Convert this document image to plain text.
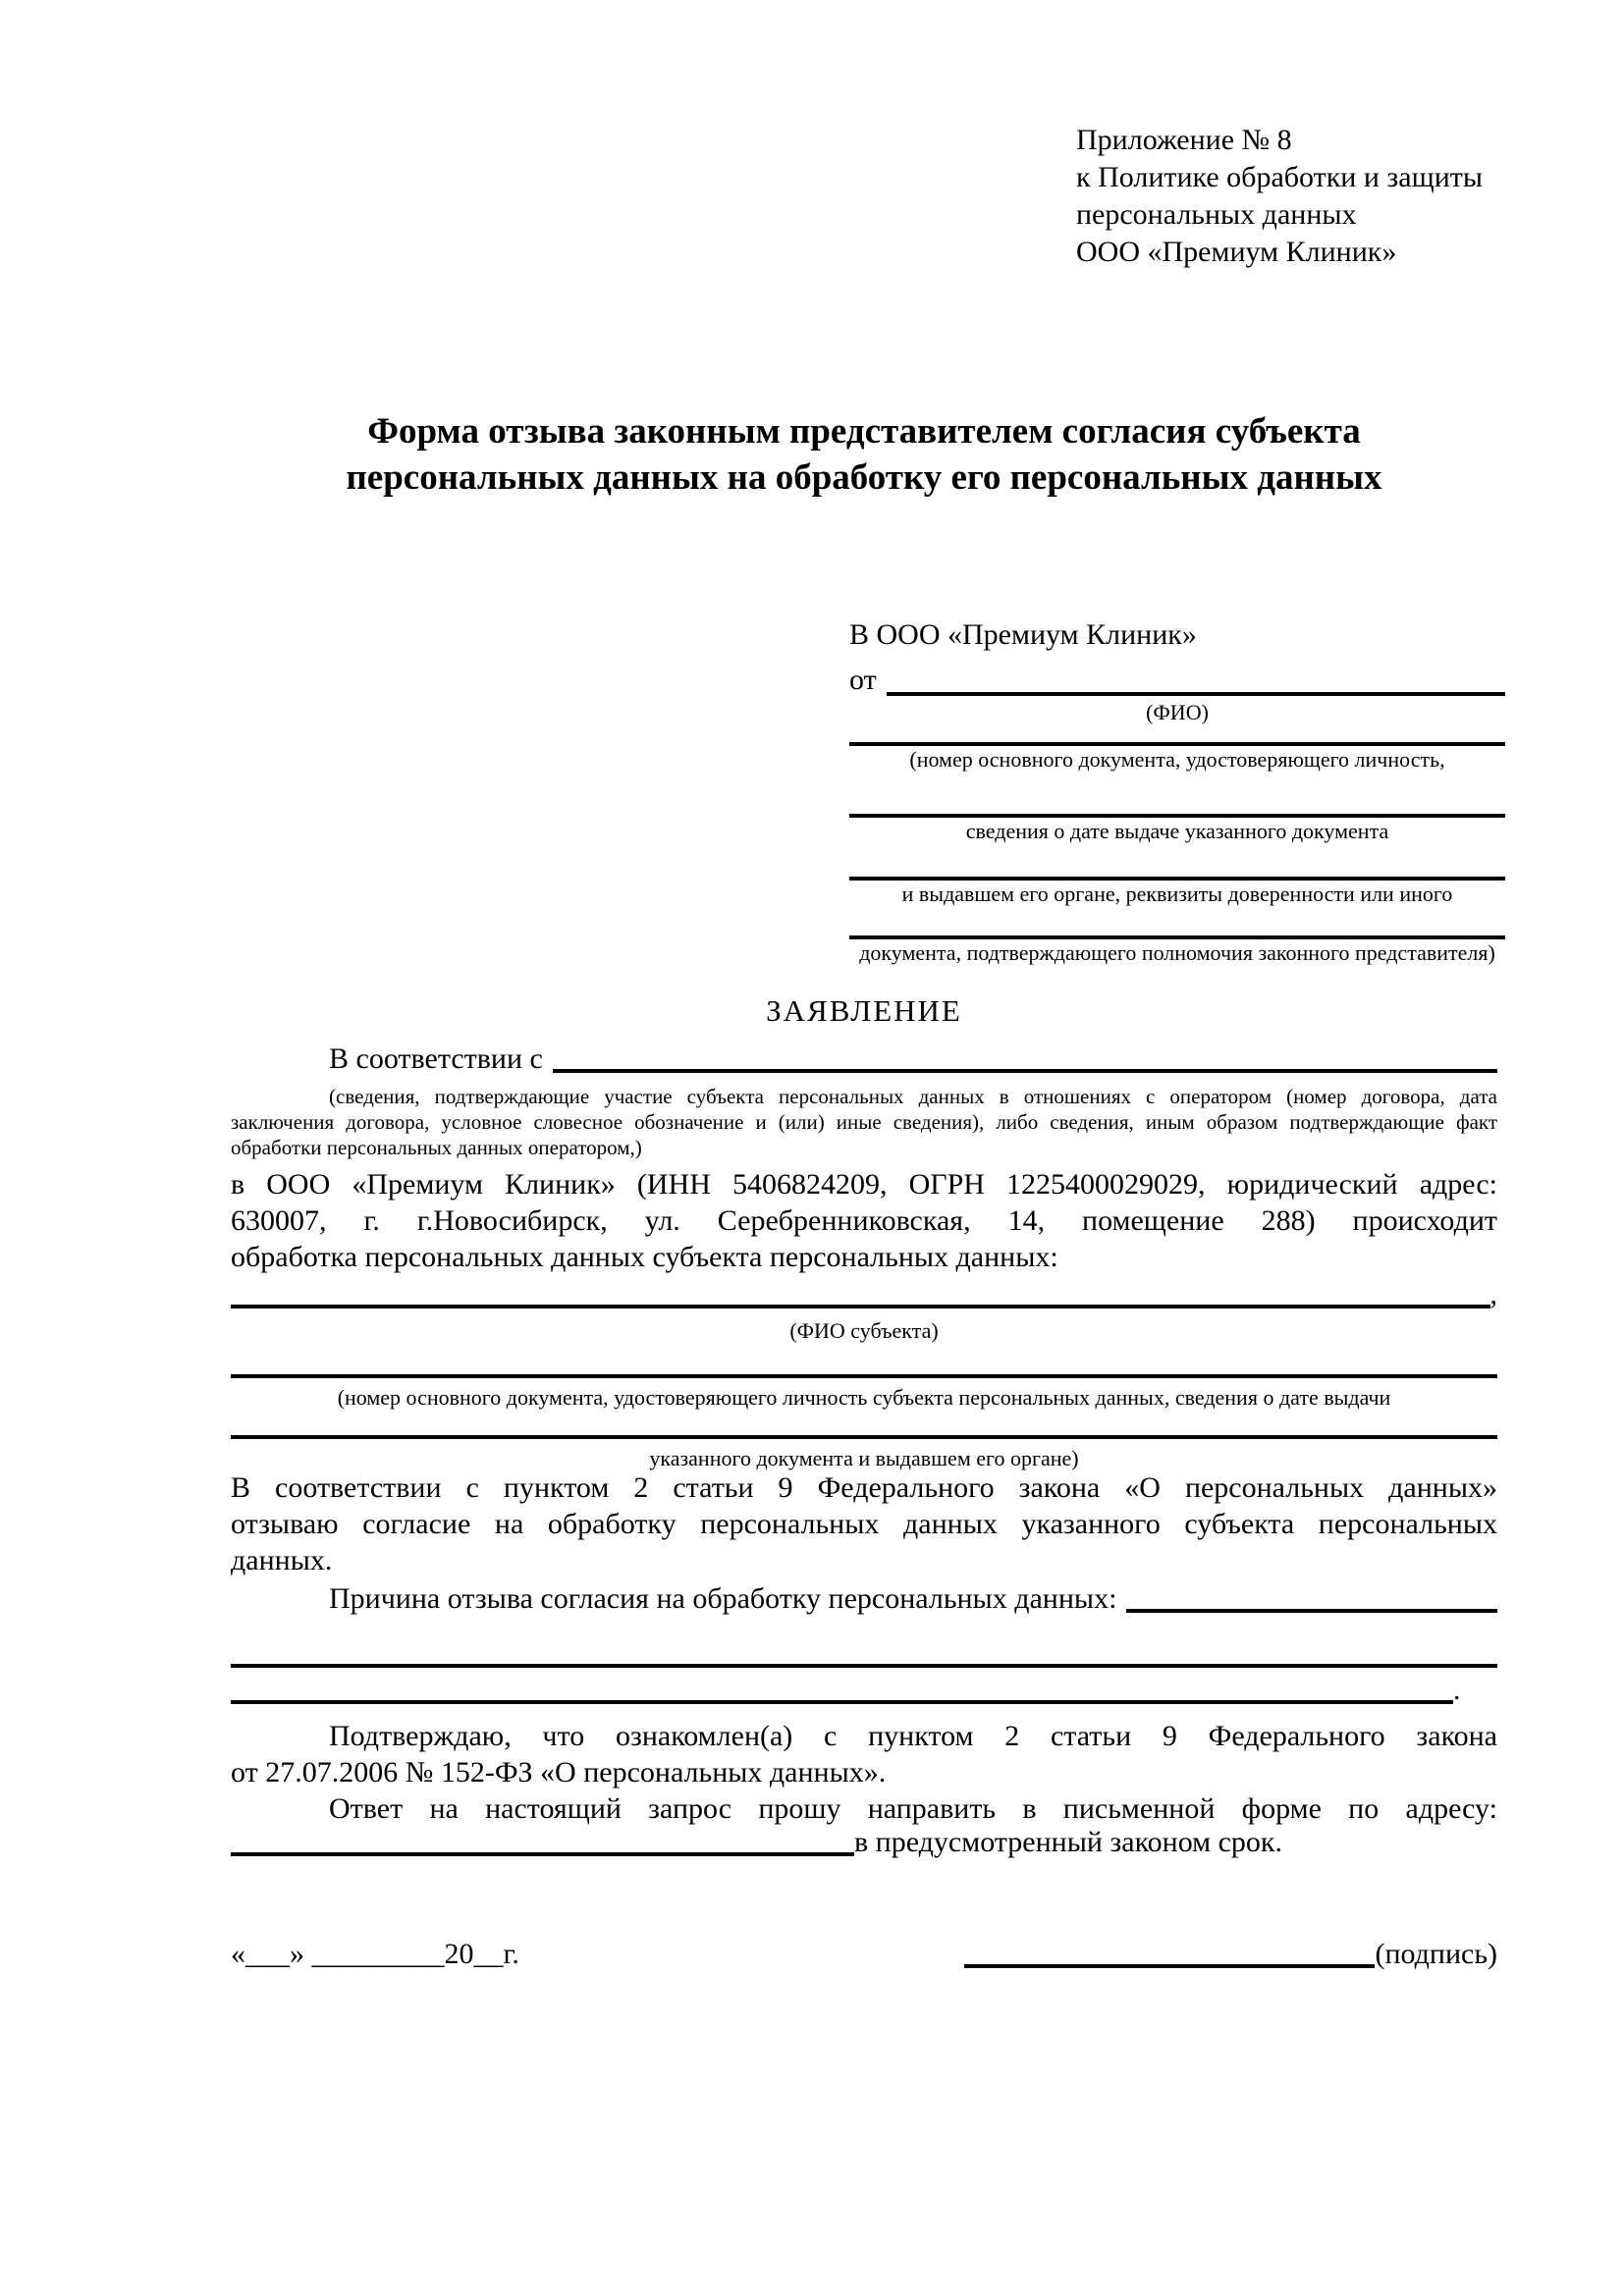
Приложение № 8
к Политике обработки и защиты
персональных данных
ООО «Премиум Клиник»
Форма отзыва законным представителем согласия субъекта
персональных данных на обработку его персональных данных
В ООО «Премиум Клиник»
от
(ФИО)
(номер основного документа, удостоверяющего личность,
сведения о дате выдаче указанного документа
и выдавшем его органе, реквизиты доверенности или иного
документа, подтверждающего полномочия законного представителя)
ЗАЯВЛЕНИЕ
В соответствии с
(сведения, подтверждающие участие субъекта персональных данных в отношениях с оператором (номер договора, дата
заключения договора, условное словесное обозначение и (или) иные сведения), либо сведения, иным образом подтверждающие факт
обработки персональных данных оператором,)
в ООО «Премиум Клиник» (ИНН 5406824209, ОГРН 1225400029029, юридический адрес:
630007, г. г.Новосибирск, ул. Серебренниковская, 14, помещение 288) происходит
обработка персональных данных субъекта персональных данных:
,
(ФИО субъекта)
(номер основного документа, удостоверяющего личность субъекта персональных данных, сведения о дате выдачи
указанного документа и выдавшем его органе)
В соответствии с пунктом 2 статьи 9 Федерального закона «О персональных данных»
отзываю согласие на обработку персональных данных указанного субъекта персональных
данных.
Причина отзыва согласия на обработку персональных данных:
.
Подтверждаю, что ознакомлен(а) с пунктом 2 статьи 9 Федерального закона
от 27.07.2006 № 152-ФЗ «О персональных данных».
Ответ на настоящий запрос прошу направить в письменной форме по адресу:
в предусмотренный законом срок.
«___» _________20__г.	(подпись)
